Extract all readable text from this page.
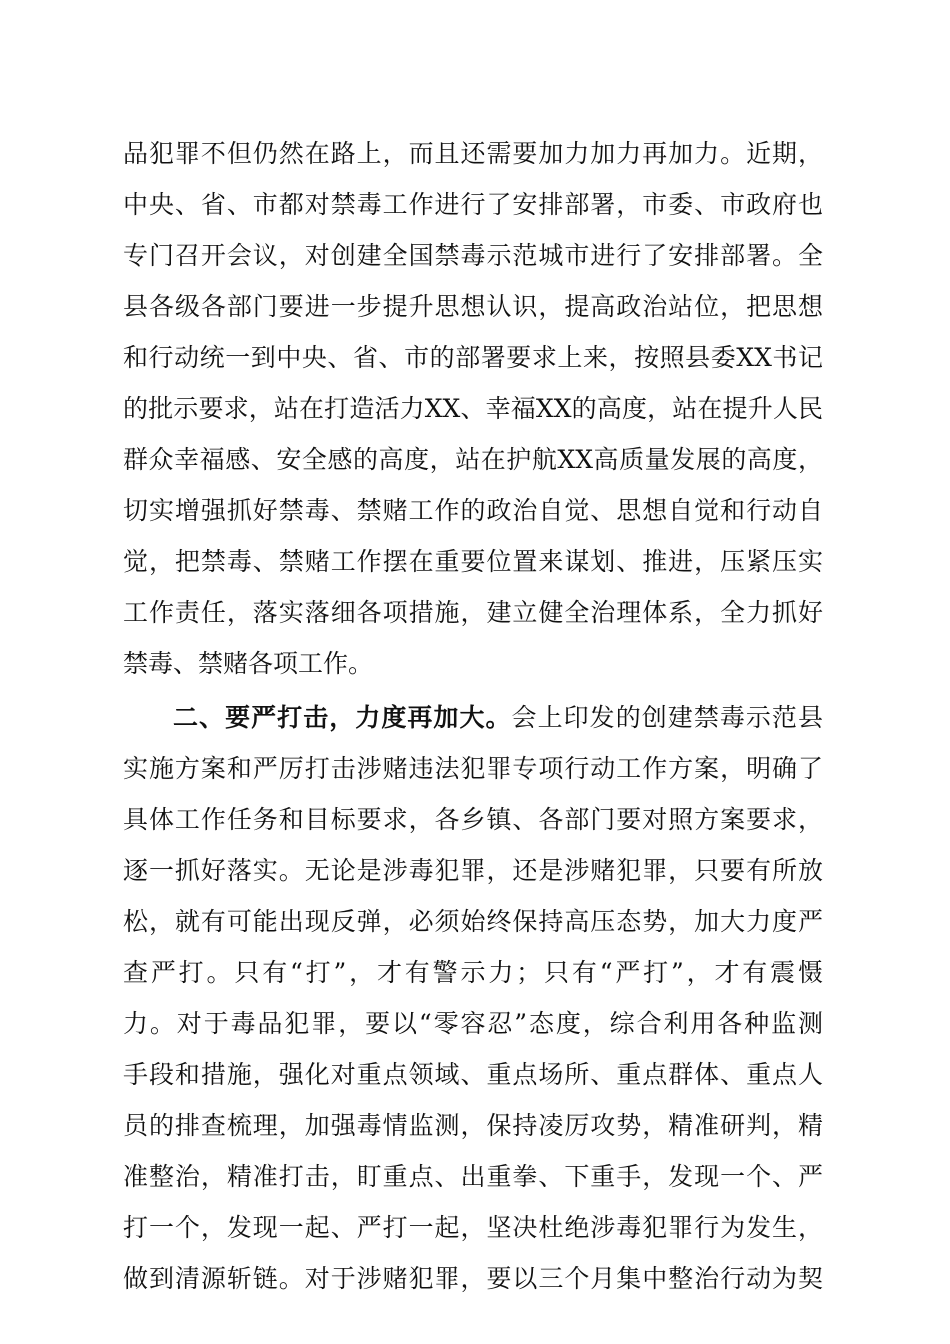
品犯罪不但仍然在路上，而且还需要加力加力再加力。近期，
中央、省、市都对禁毒工作进行了安排部署，市委、市政府也
专门召开会议，对创建全国禁毒示范城市进行了安排部署。全
县各级各部门要进一步提升思想认识，提高政治站位，把思想
和行动统一到中央、省、市的部署要求上来，按照县委XX书记
的批示要求，站在打造活力XX、幸福XX的高度，站在提升人民
群众幸福感、安全感的高度，站在护航XX高质量发展的高度，
切实增强抓好禁毒、禁赌工作的政治自觉、思想自觉和行动自
觉，把禁毒、禁赌工作摆在重要位置来谋划、推进，压紧压实
工作责任，落实落细各项措施，建立健全治理体系，全力抓好
禁毒、禁赌各项工作。
二、要严打击，力度再加大。会上印发的创建禁毒示范县
实施方案和严厉打击涉赌违法犯罪专项行动工作方案，明确了
具体工作任务和目标要求，各乡镇、各部门要对照方案要求，
逐一抓好落实。无论是涉毒犯罪，还是涉赌犯罪，只要有所放
松，就有可能出现反弹，必须始终保持高压态势，加大力度严
查严打。只有“打”，才有警示力；只有“严打”，才有震慑
力。对于毒品犯罪，要以“零容忍”态度，综合利用各种监测
手段和措施，强化对重点领域、重点场所、重点群体、重点人
员的排查梳理，加强毒情监测，保持凌厉攻势，精准研判，精
准整治，精准打击，盯重点、出重拳、下重手，发现一个、严
打一个，发现一起、严打一起，坚决杜绝涉毒犯罪行为发生，
做到清源斩链。对于涉赌犯罪，要以三个月集中整治行动为契
